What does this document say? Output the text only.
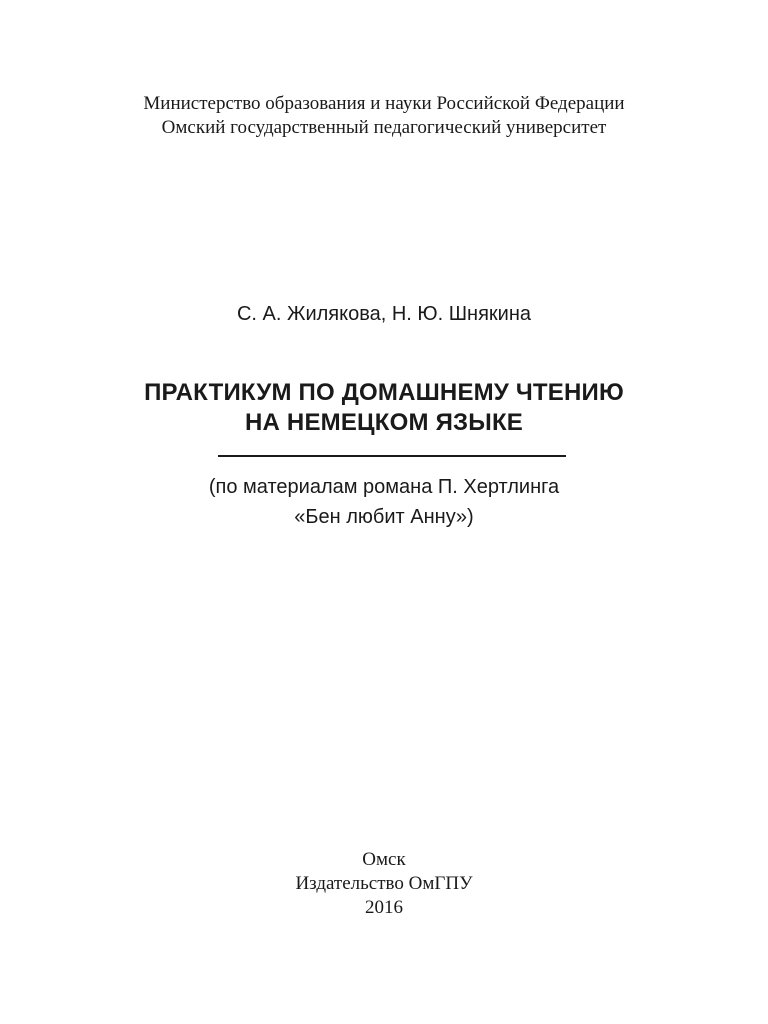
Министерство образования и науки Российской Федерации
Омский государственный педагогический университет
С. А. Жилякова, Н. Ю. Шнякина
ПРАКТИКУМ ПО ДОМАШНЕМУ ЧТЕНИЮ
НА НЕМЕЦКОМ ЯЗЫКЕ
(по материалам романа П. Хертлинга
«Бен любит Анну»)
Омск
Издательство ОмГПУ
2016
